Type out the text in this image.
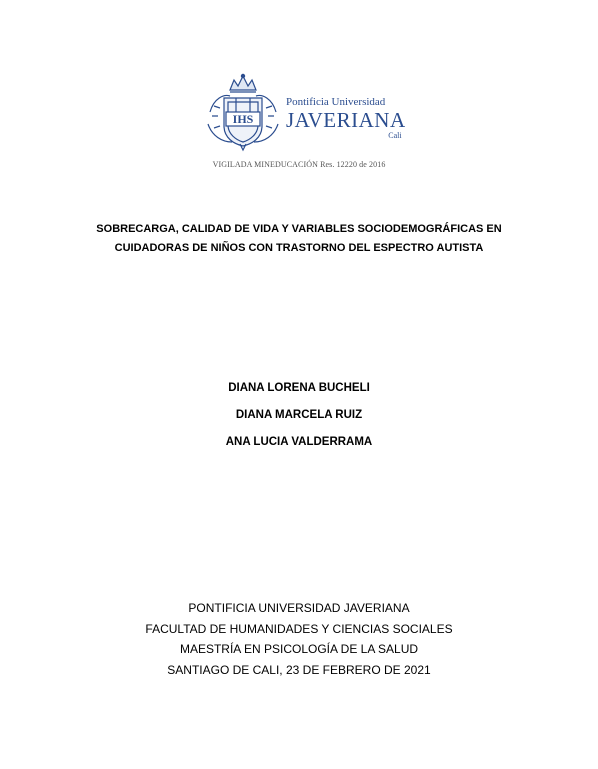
IHS
Pontificia Universidad
JAVERIANA
Cali
VIGILADA MINEDUCACIÓN Res. 12220 de 2016
SOBRECARGA, CALIDAD DE VIDA Y VARIABLES SOCIODEMOGRÁFICAS EN
CUIDADORAS DE NIÑOS CON TRASTORNO DEL ESPECTRO AUTISTA
DIANA LORENA BUCHELI
DIANA MARCELA RUIZ
ANA LUCIA VALDERRAMA
PONTIFICIA UNIVERSIDAD JAVERIANA
FACULTAD DE HUMANIDADES Y CIENCIAS SOCIALES
MAESTRÍA EN PSICOLOGÍA DE LA SALUD
SANTIAGO DE CALI, 23 DE FEBRERO DE 2021
